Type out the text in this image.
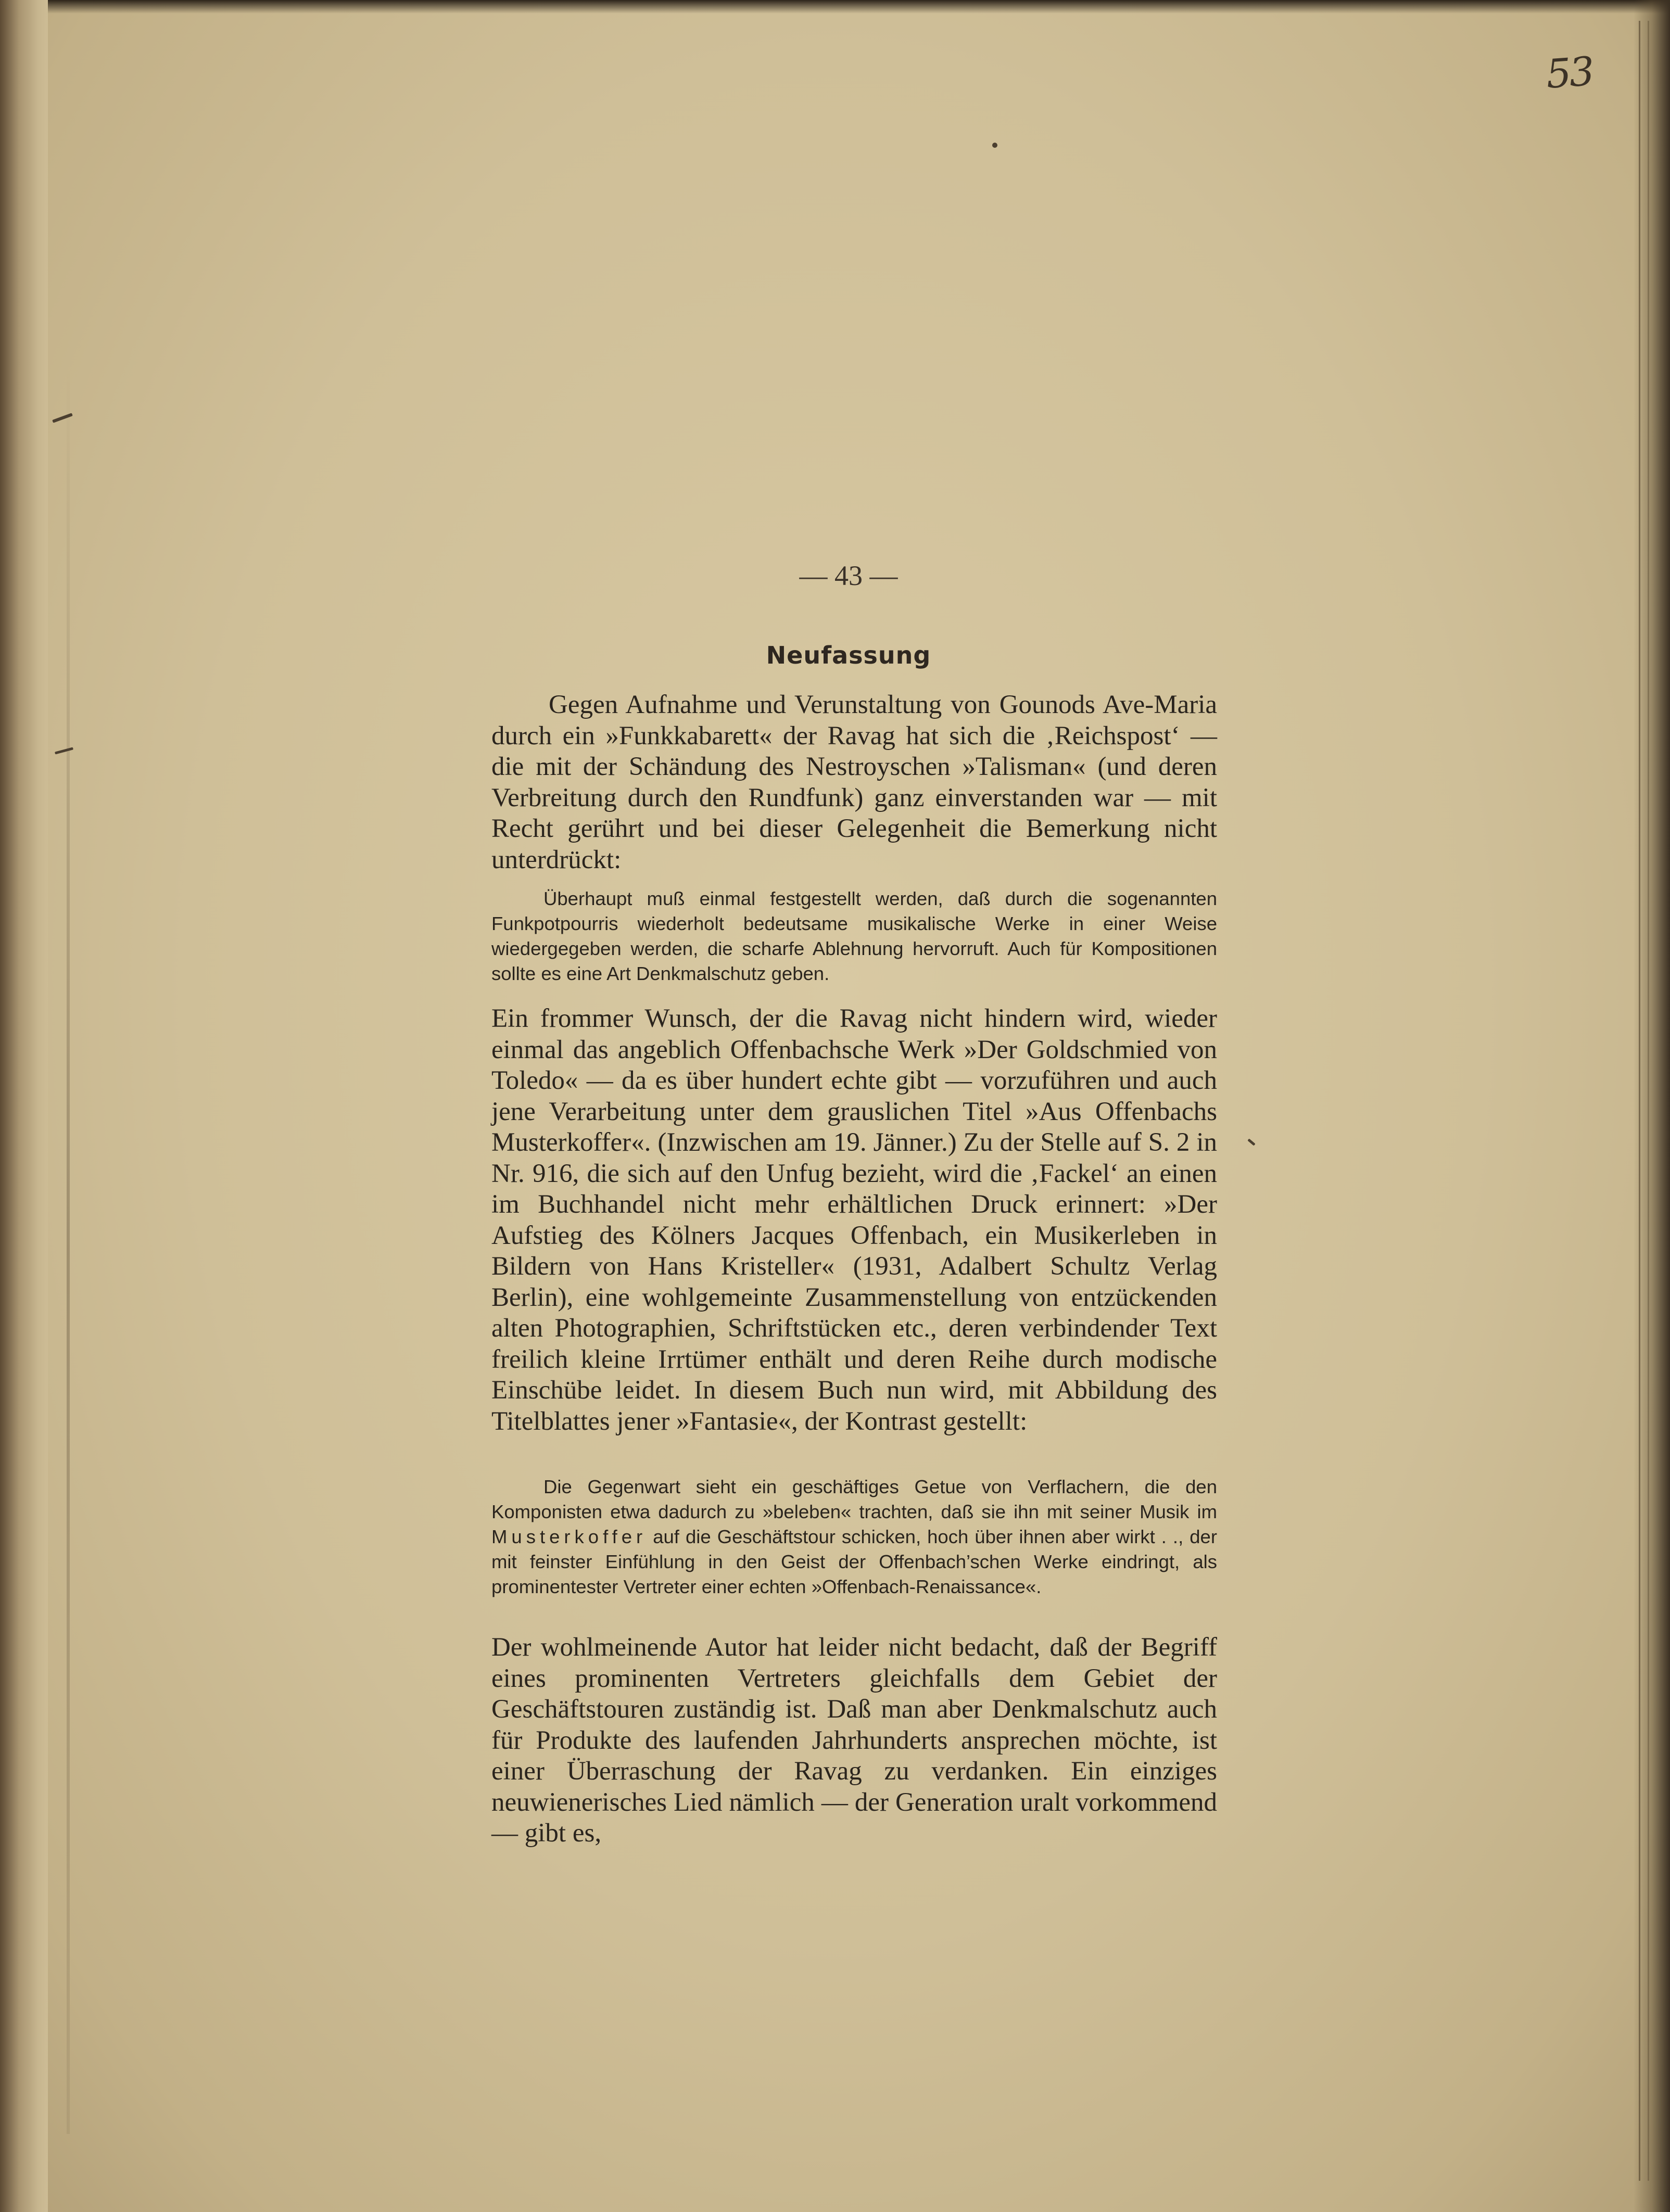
53
— 43 —
Neufassung
Gegen Aufnahme und Verunstaltung von Gounods Ave-Maria durch ein »Funkkabarett« der Ravag hat sich die ‚Reichspost‘ — die mit der Schändung des Nestroyschen »Talisman« (und deren Verbreitung durch den Rundfunk) ganz einverstanden war — mit Recht gerührt und bei dieser Gelegenheit die Bemerkung nicht unterdrückt:
Überhaupt muß einmal festgestellt werden, daß durch die sogenannten Funkpotpourris wiederholt bedeutsame musikalische Werke in einer Weise wiedergegeben werden, die scharfe Ablehnung hervorruft. Auch für Kompositionen sollte es eine Art Denkmalschutz geben.
Ein frommer Wunsch, der die Ravag nicht hindern wird, wieder einmal das angeblich Offenbachsche Werk »Der Goldschmied von Toledo« — da es über hundert echte gibt — vorzuführen und auch jene Verarbeitung unter dem grauslichen Titel »Aus Offenbachs Musterkoffer«. (Inzwischen am 19. Jänner.) Zu der Stelle auf S. 2 in Nr. 916, die sich auf den Unfug bezieht, wird die ‚Fackel‘ an einen im Buchhandel nicht mehr erhältlichen Druck erinnert: »Der Aufstieg des Kölners Jacques Offenbach, ein Musikerleben in Bildern von Hans Kristeller« (1931, Adalbert Schultz Verlag Berlin), eine wohlgemeinte Zusammenstellung von entzückenden alten Photographien, Schriftstücken etc., deren verbindender Text freilich kleine Irrtümer enthält und deren Reihe durch modische Einschübe leidet. In diesem Buch nun wird, mit Abbildung des Titelblattes jener »Fantasie«, der Kontrast gestellt:
Die Gegenwart sieht ein geschäftiges Getue von Verflachern, die den Komponisten etwa dadurch zu »beleben« trachten, daß sie ihn mit seiner Musik im Musterkoffer auf die Geschäftstour schicken, hoch über ihnen aber wirkt . ., der mit feinster Einfühlung in den Geist der Offenbach’schen Werke eindringt, als prominentester Vertreter einer echten »Offenbach-Renaissance«.
Der wohlmeinende Autor hat leider nicht bedacht, daß der Begriff eines prominenten Vertreters gleichfalls dem Gebiet der Geschäftstouren zuständig ist. Daß man aber Denkmalschutz auch für Produkte des laufenden Jahrhunderts ansprechen möchte, ist einer Überraschung der Ravag zu verdanken. Ein einziges neuwienerisches Lied nämlich — der Generation uralt vorkommend — gibt es,
